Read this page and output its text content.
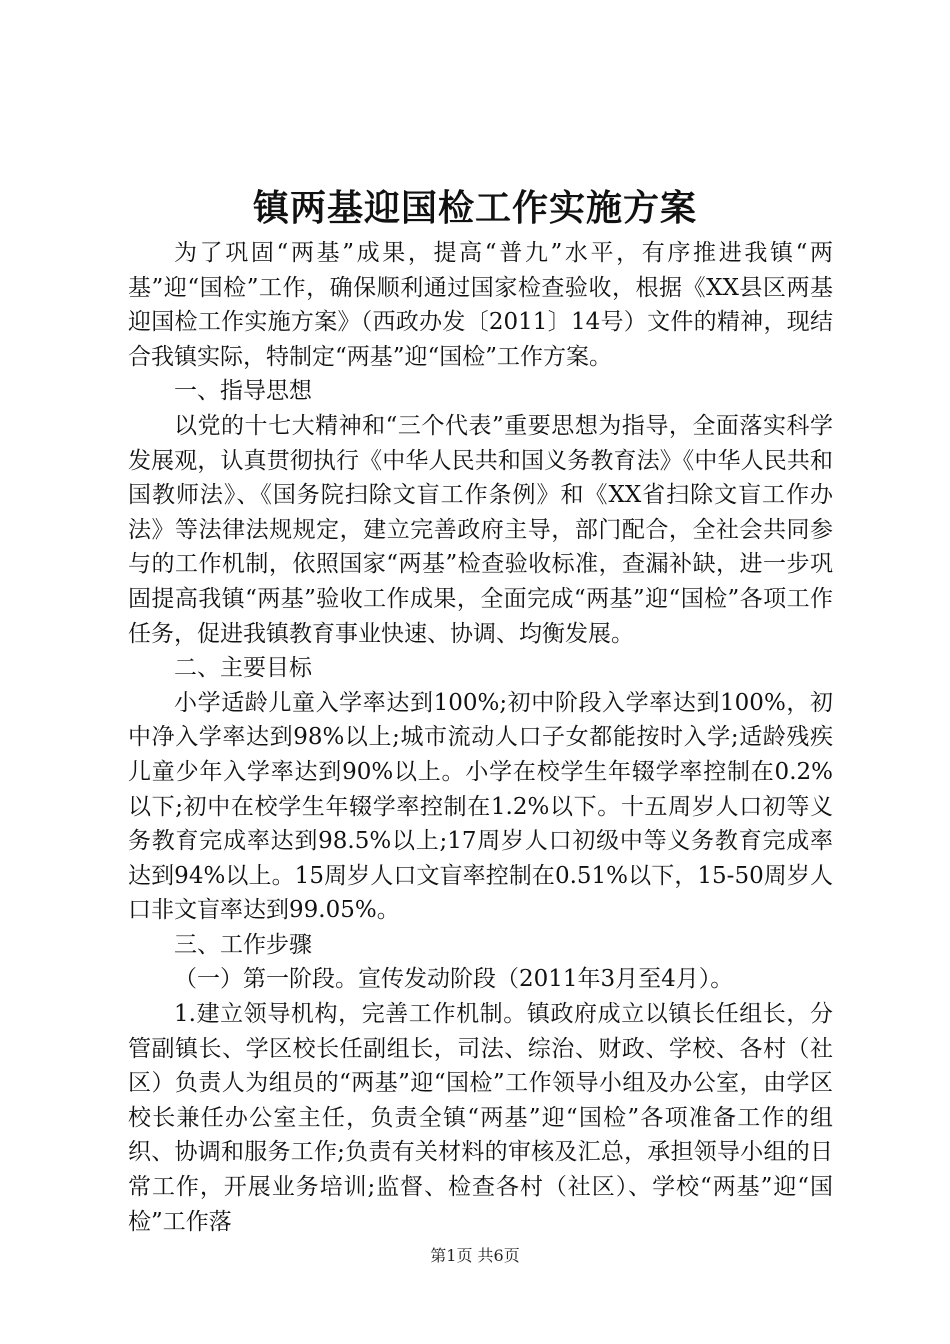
镇两基迎国检工作实施方案

为了巩固“两基”成果，提高“普九”水平，有序推进我镇“两基”迎“国检”工作，确保顺利通过国家检查验收，根据《XX县区两基迎国检工作实施方案》（西政办发〔2011〕14号）文件的精神，现结合我镇实际，特制定“两基”迎“国检”工作方案。

一、指导思想

以党的十七大精神和“三个代表”重要思想为指导，全面落实科学发展观，认真贯彻执行《中华人民共和国义务教育法》《中华人民共和国教师法》、《国务院扫除文盲工作条例》和《XX省扫除文盲工作办法》等法律法规规定，建立完善政府主导，部门配合，全社会共同参与的工作机制，依照国家“两基”检查验收标准，查漏补缺，进一步巩固提高我镇“两基”验收工作成果，全面完成“两基”迎“国检”各项工作任务，促进我镇教育事业快速、协调、均衡发展。

二、主要目标

小学适龄儿童入学率达到100%;初中阶段入学率达到100%，初中净入学率达到98%以上;城市流动人口子女都能按时入学;适龄残疾儿童少年入学率达到90%以上。小学在校学生年辍学率控制在0.2%以下;初中在校学生年辍学率控制在1.2%以下。十五周岁人口初等义务教育完成率达到98.5%以上;17周岁人口初级中等义务教育完成率达到94%以上。15周岁人口文盲率控制在0.51%以下，15-50周岁人口非文盲率达到99.05%。

三、工作步骤

（一）第一阶段。宣传发动阶段（2011年3月至4月）。

1.建立领导机构，完善工作机制。镇政府成立以镇长任组长，分管副镇长、学区校长任副组长，司法、综治、财政、学校、各村（社区）负责人为组员的“两基”迎“国检”工作领导小组及办公室，由学区校长兼任办公室主任，负责全镇“两基”迎“国检”各项准备工作的组织、协调和服务工作;负责有关材料的审核及汇总，承担领导小组的日常工作，开展业务培训;监督、检查各村（社区）、学校“两基”迎“国检”工作落

第1页 共6页
